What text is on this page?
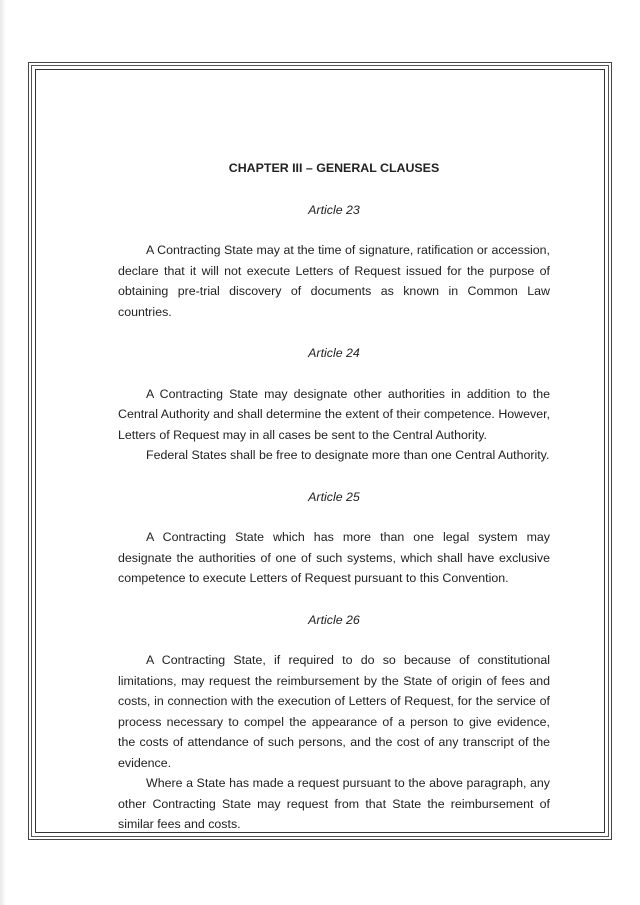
CHAPTER III – GENERAL CLAUSES

Article 23

A Contracting State may at the time of signature, ratification or accession, declare that it will not execute Letters of Request issued for the purpose of obtaining pre-trial discovery of documents as known in Common Law countries.

Article 24

A Contracting State may designate other authorities in addition to the Central Authority and shall determine the extent of their competence. However, Letters of Request may in all cases be sent to the Central Authority.

Federal States shall be free to designate more than one Central Authority.

Article 25

A Contracting State which has more than one legal system may designate the authorities of one of such systems, which shall have exclusive competence to execute Letters of Request pursuant to this Convention.

Article 26

A Contracting State, if required to do so because of constitutional limitations, may request the reimbursement by the State of origin of fees and costs, in connection with the execution of Letters of Request, for the service of process necessary to compel the appearance of a person to give evidence, the costs of attendance of such persons, and the cost of any transcript of the evidence.

Where a State has made a request pursuant to the above paragraph, any other Contracting State may request from that State the reimbursement of similar fees and costs.
